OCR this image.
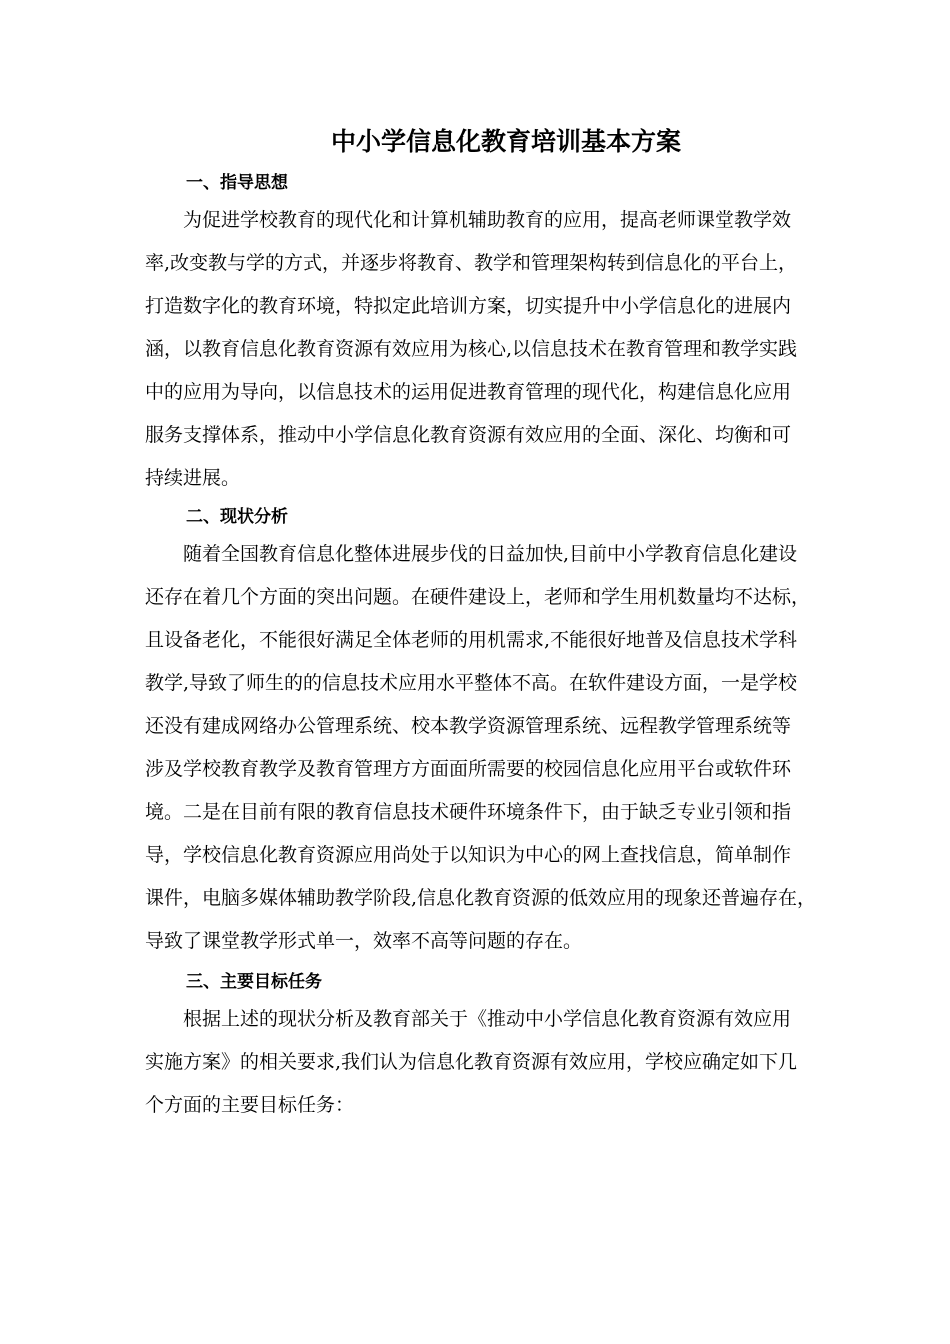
中小学信息化教育培训基本方案
一、指导思想

为促进学校教育的现代化和计算机辅助教育的应用，提高老师课堂教学效

率,改变教与学的方式，并逐步将教育、教学和管理架构转到信息化的平台上，

打造数字化的教育环境，特拟定此培训方案，切实提升中小学信息化的进展内

涵，以教育信息化教育资源有效应用为核心,以信息技术在教育管理和教学实践

中的应用为导向，以信息技术的运用促进教育管理的现代化，构建信息化应用

服务支撑体系，推动中小学信息化教育资源有效应用的全面、深化、均衡和可

持续进展。

二、现状分析

随着全国教育信息化整体进展步伐的日益加快,目前中小学教育信息化建设

还存在着几个方面的突出问题。在硬件建设上，老师和学生用机数量均不达标，

且设备老化，不能很好满足全体老师的用机需求,不能很好地普及信息技术学科

教学,导致了师生的的信息技术应用水平整体不高。在软件建设方面，一是学校

还没有建成网络办公管理系统、校本教学资源管理系统、远程教学管理系统等

涉及学校教育教学及教育管理方方面面所需要的校园信息化应用平台或软件环

境。二是在目前有限的教育信息技术硬件环境条件下，由于缺乏专业引领和指

导，学校信息化教育资源应用尚处于以知识为中心的网上查找信息，简单制作

课件，电脑多媒体辅助教学阶段,信息化教育资源的低效应用的现象还普遍存在，

导致了课堂教学形式单一，效率不高等问题的存在。

三、主要目标任务

根据上述的现状分析及教育部关于《推动中小学信息化教育资源有效应用

实施方案》的相关要求,我们认为信息化教育资源有效应用，学校应确定如下几

个方面的主要目标任务：
